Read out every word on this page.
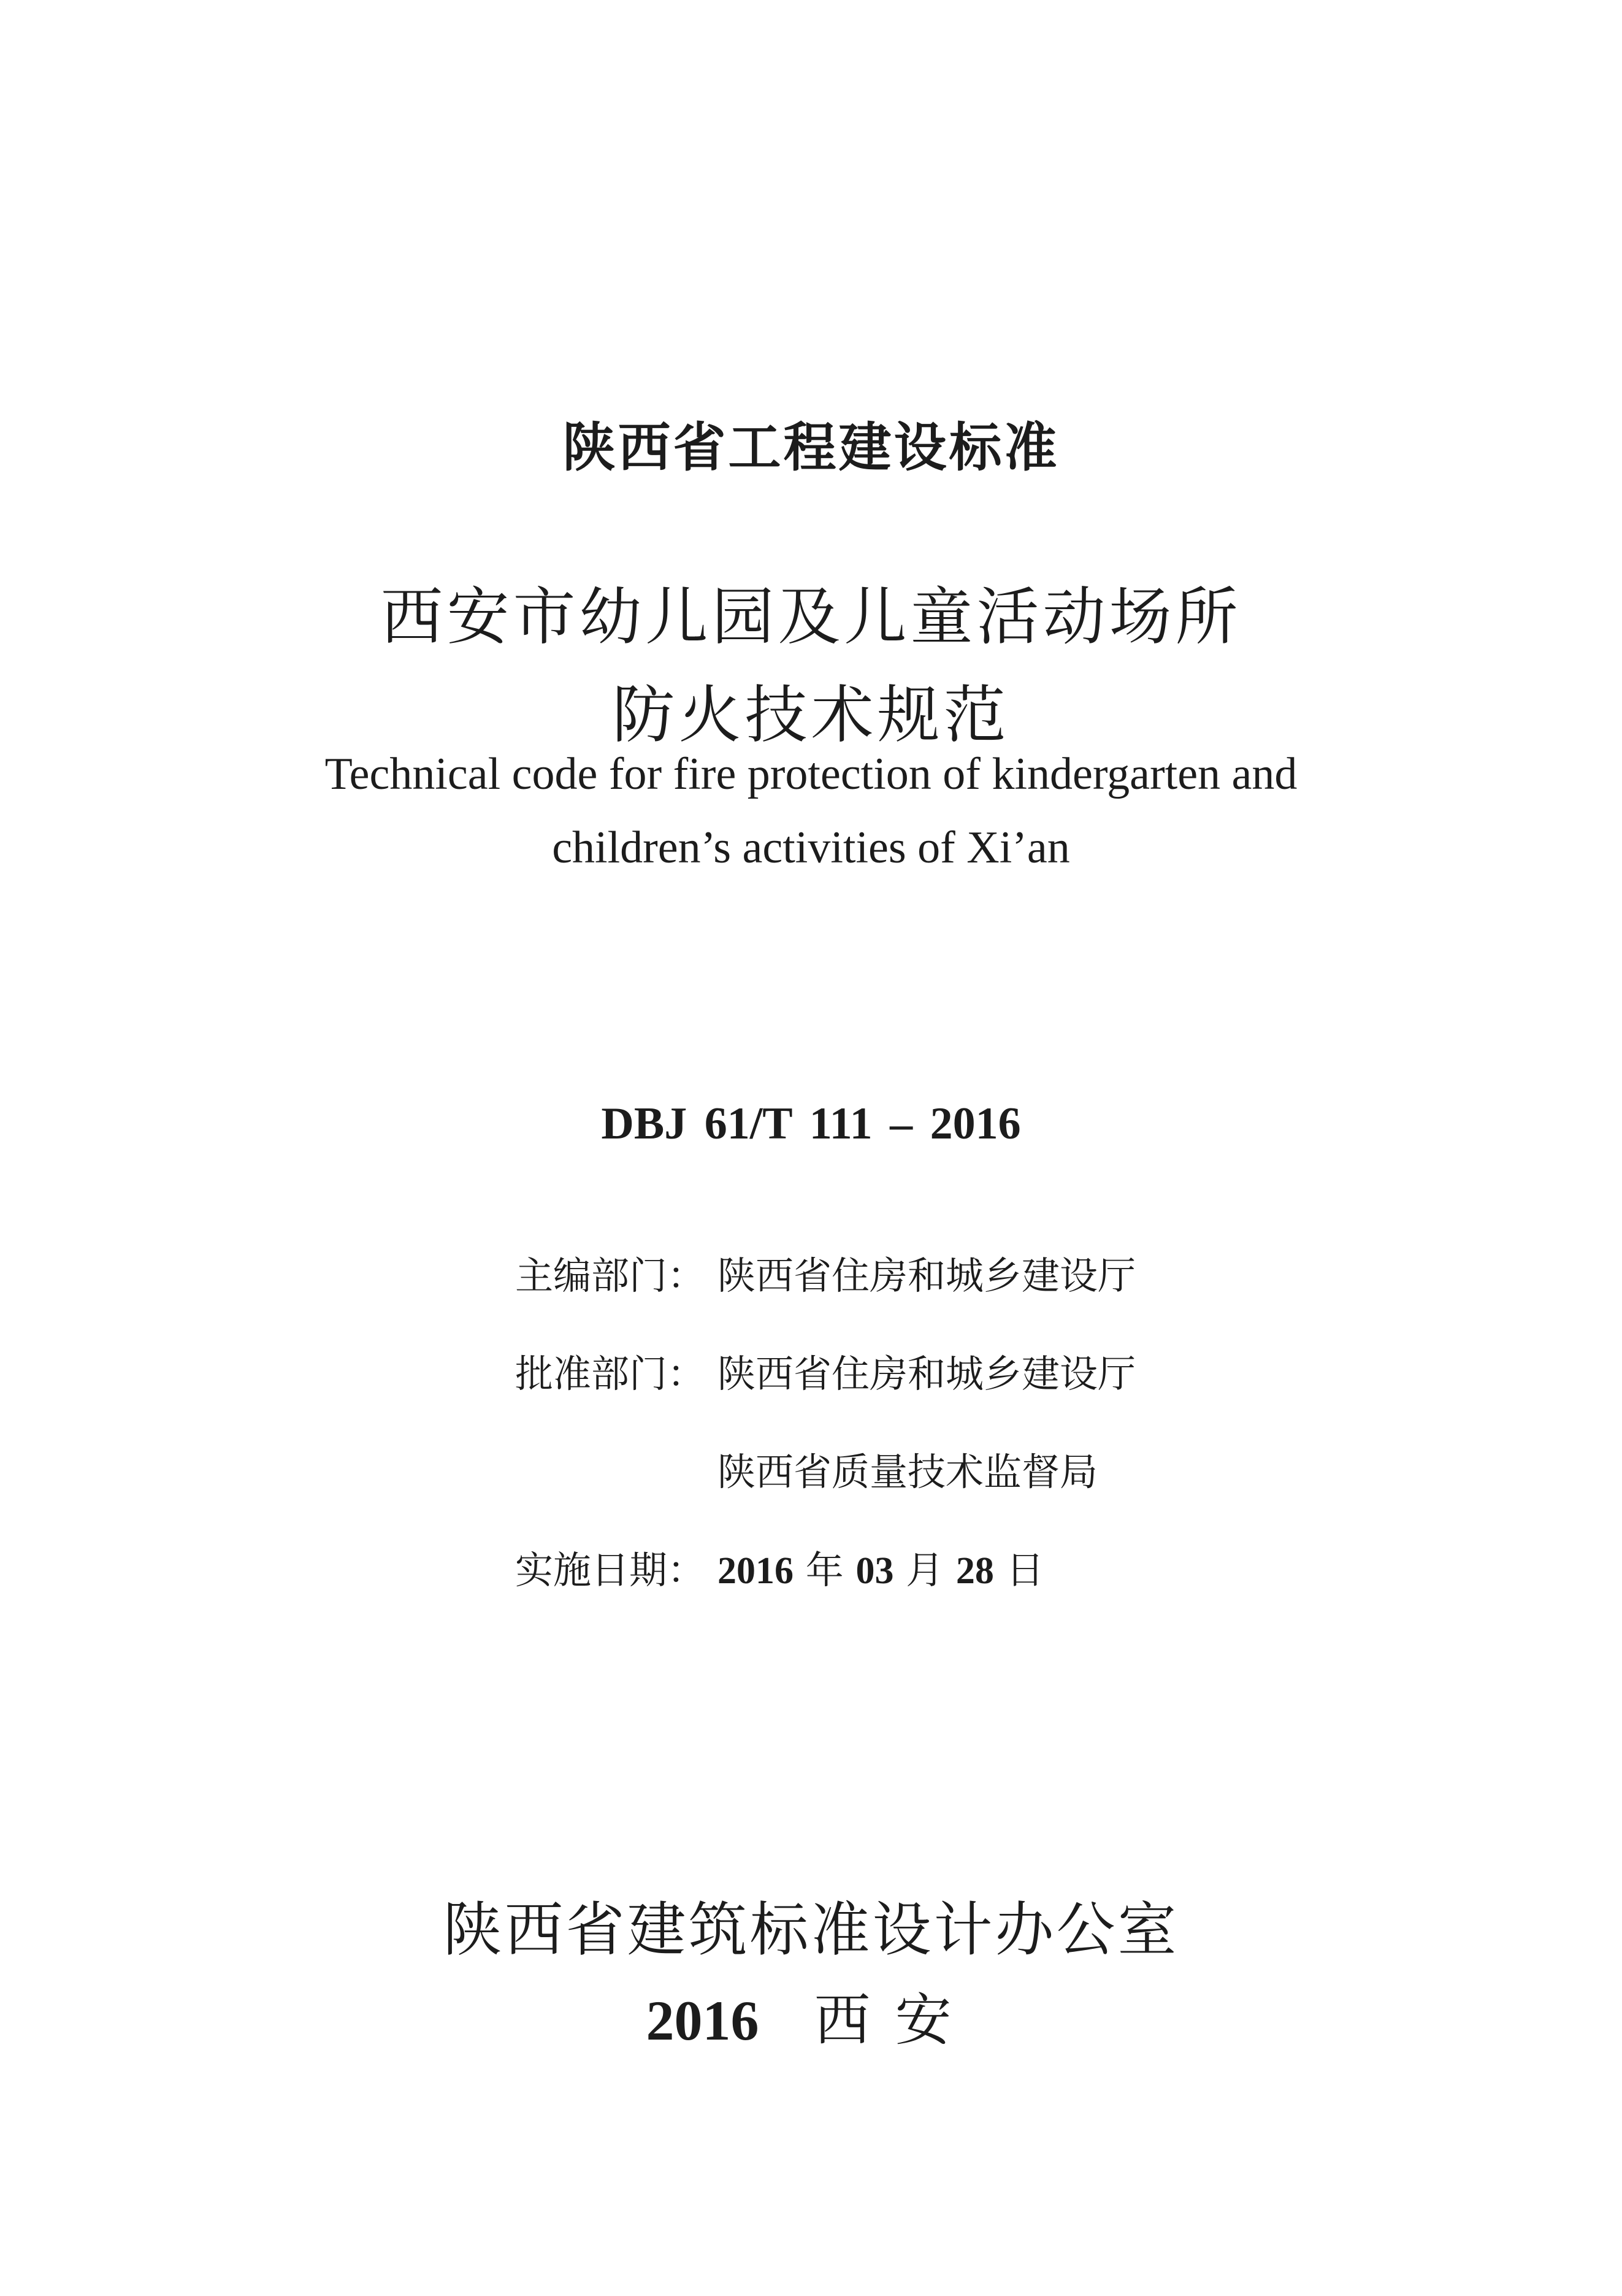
陕西省工程建设标准
西安市幼儿园及儿童活动场所
防火技术规范
Technical code for fire protection of kindergarten and
children’s activities of Xi’an
DBJ 61/T 111 – 2016
主编部门： 陕西省住房和城乡建设厅
批准部门： 陕西省住房和城乡建设厅
陕西省质量技术监督局
实施日期： 2016 年 03 月 28 日
陕西省建筑标准设计办公室
2016 西安
